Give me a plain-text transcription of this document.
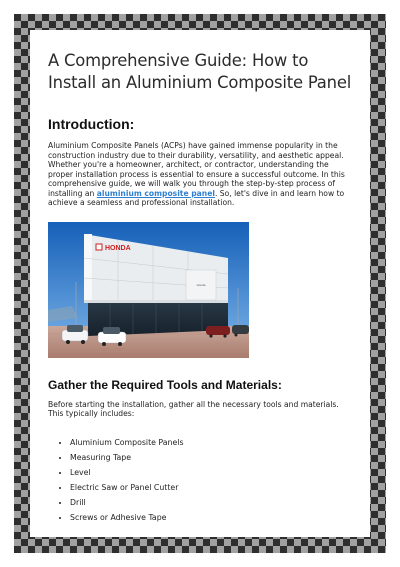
A Comprehensive Guide: How to Install an Aluminium Composite Panel
Introduction:

Aluminium Composite Panels (ACPs) have gained immense popularity in the construction industry due to their durability, versatility, and aesthetic appeal. Whether you're a homeowner, architect, or contractor, understanding the proper installation process is essential to ensure a successful outcome. In this comprehensive guide, we will walk you through the step-by-step process of installing an aluminium composite panel. So, let's dive in and learn how to achieve a seamless and professional installation.

Honda
HONDA
Gather the Required Tools and Materials:

Before starting the installation, gather all the necessary tools and materials. This typically includes:

• Aluminium Composite Panels
• Measuring Tape
• Level
• Electric Saw or Panel Cutter
• Drill
• Screws or Adhesive Tape
